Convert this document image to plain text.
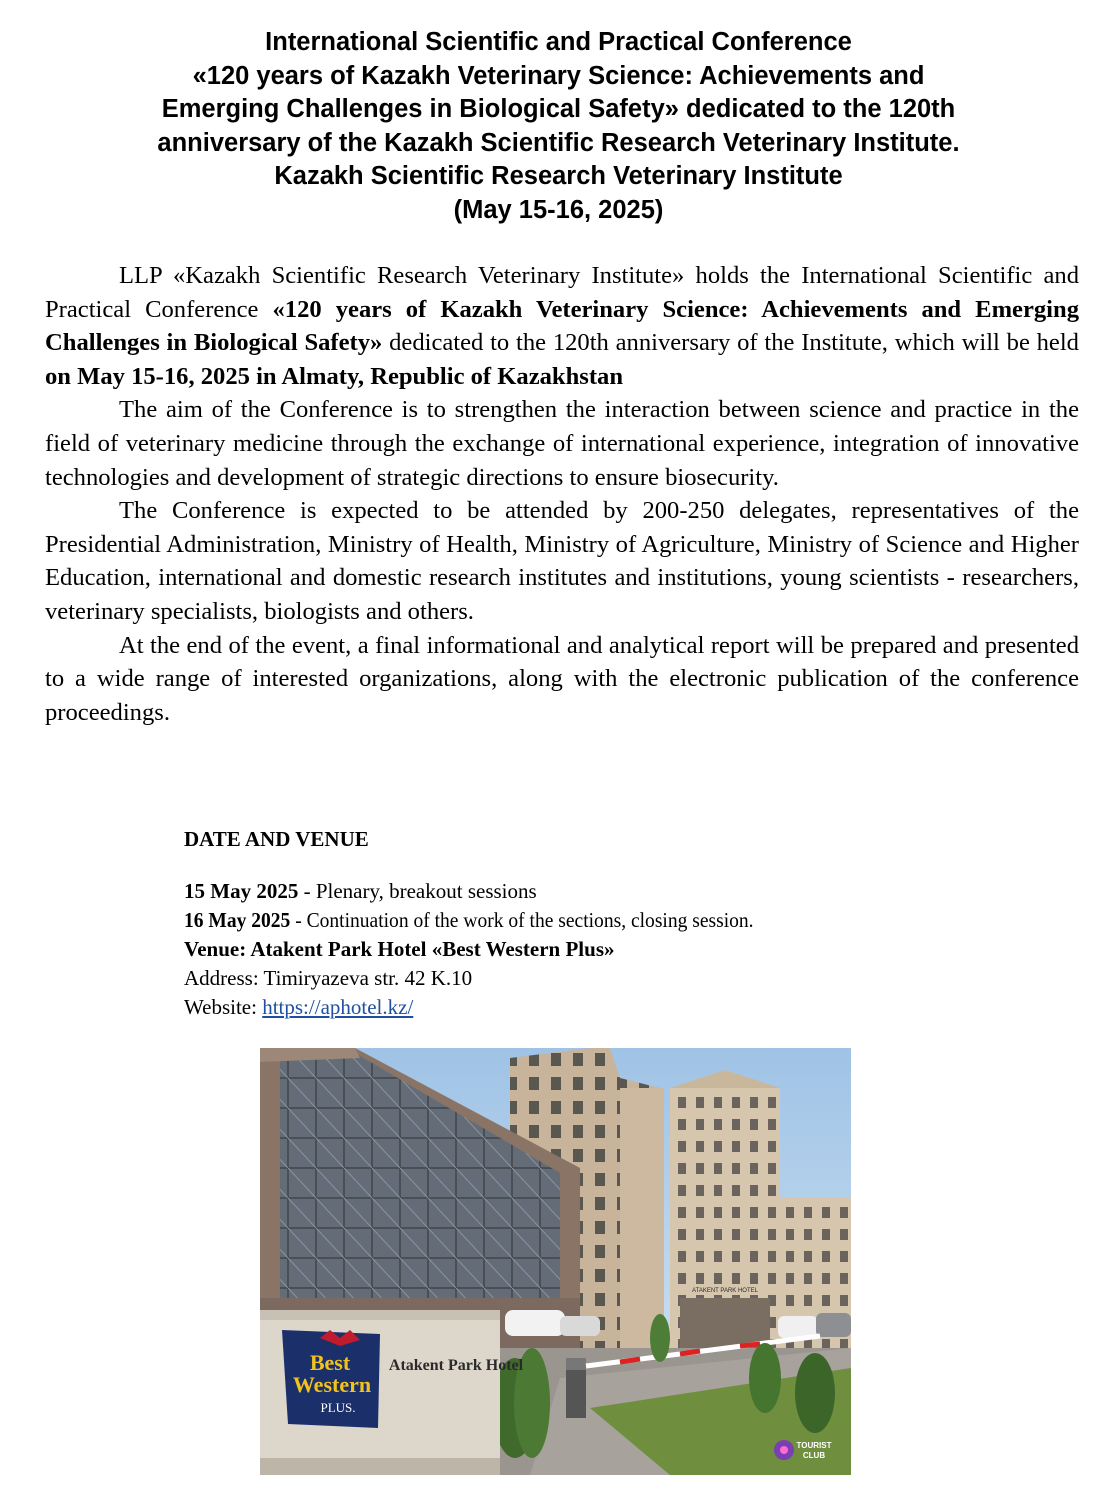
International Scientific and Practical Conference
«120 years of Kazakh Veterinary Science: Achievements and
Emerging Challenges in Biological Safety» dedicated to the 120th
anniversary of the Kazakh Scientific Research Veterinary Institute.
Kazakh Scientific Research Veterinary Institute
(May 15-16, 2025)

LLP «Kazakh Scientific Research Veterinary Institute» holds the International Scientific and Practical Conference «120 years of Kazakh Veterinary Science: Achievements and Emerging Challenges in Biological Safety» dedicated to the 120th anniversary of the Institute, which will be held on May 15-16, 2025 in Almaty, Republic of Kazakhstan

The aim of the Conference is to strengthen the interaction between science and practice in the field of veterinary medicine through the exchange of international experience, integration of innovative technologies and development of strategic directions to ensure biosecurity.

The Conference is expected to be attended by 200-250 delegates, representatives of the Presidential Administration, Ministry of Health, Ministry of Agriculture, Ministry of Science and Higher Education, international and domestic research institutes and institutions, young scientists - researchers, veterinary specialists, biologists and others.

At the end of the event, a final informational and analytical report will be prepared and presented to a wide range of interested organizations, along with the electronic publication of the conference proceedings.

DATE AND VENUE
15 May 2025 - Plenary, breakout sessions
16 May 2025 - Continuation of the work of the sections, closing session.
Venue: Atakent Park Hotel «Best Western Plus»
Address: Timiryazeva str. 42 K.10
Website: https://aphotel.kz/
ATAKENT PARK HOTEL
Best
Western
PLUS.
Atakent Park Hotel
TOURIST
CLUB
